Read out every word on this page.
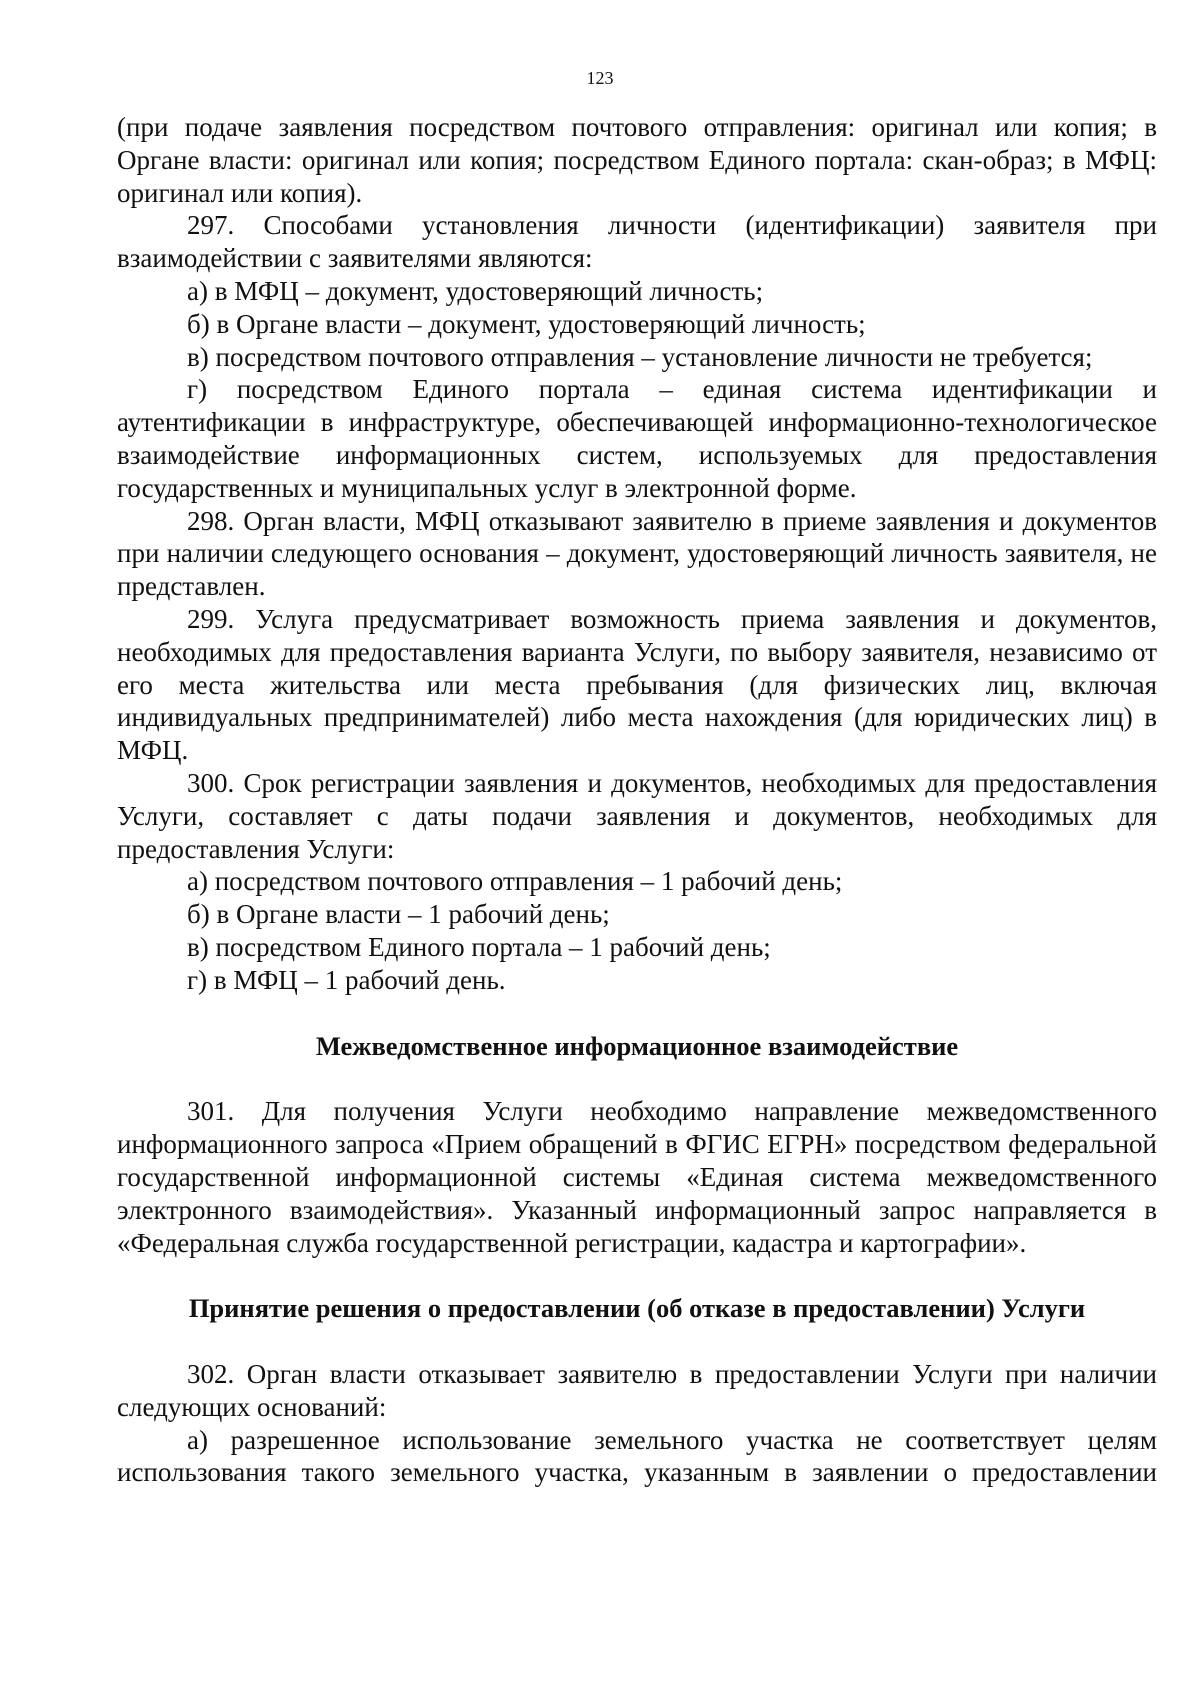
123

(при подаче заявления посредством почтового отправления: оригинал или копия; в Органе власти: оригинал или копия; посредством Единого портала: скан-образ; в МФЦ: оригинал или копия).

297. Способами установления личности (идентификации) заявителя при взаимодействии с заявителями являются:

а) в МФЦ – документ, удостоверяющий личность;

б) в Органе власти – документ, удостоверяющий личность;

в) посредством почтового отправления – установление личности не требуется;

г) посредством Единого портала – единая система идентификации и аутентификации в инфраструктуре, обеспечивающей информационно-технологическое взаимодействие информационных систем, используемых для предоставления государственных и муниципальных услуг в электронной форме.

298. Орган власти, МФЦ отказывают заявителю в приеме заявления и документов при наличии следующего основания – документ, удостоверяющий личность заявителя, не представлен.

299. Услуга предусматривает возможность приема заявления и документов, необходимых для предоставления варианта Услуги, по выбору заявителя, независимо от его места жительства или места пребывания (для физических лиц, включая индивидуальных предпринимателей) либо места нахождения (для юридических лиц) в МФЦ.

300. Срок регистрации заявления и документов, необходимых для предоставления Услуги, составляет с даты подачи заявления и документов, необходимых для предоставления Услуги:

а) посредством почтового отправления – 1 рабочий день;

б) в Органе власти – 1 рабочий день;

в) посредством Единого портала – 1 рабочий день;

г) в МФЦ – 1 рабочий день.

Межведомственное информационное взаимодействие

301. Для получения Услуги необходимо направление межведомственного информационного запроса «Прием обращений в ФГИС ЕГРН» посредством федеральной государственной информационной системы «Единая система межведомственного электронного взаимодействия». Указанный информационный запрос направляется в «Федеральная служба государственной регистрации, кадастра и картографии».

Принятие решения о предоставлении (об отказе в предоставлении) Услуги

302. Орган власти отказывает заявителю в предоставлении Услуги при наличии следующих оснований:

а) разрешенное использование земельного участка не соответствует целям использования такого земельного участка, указанным в заявлении о предоставлении
